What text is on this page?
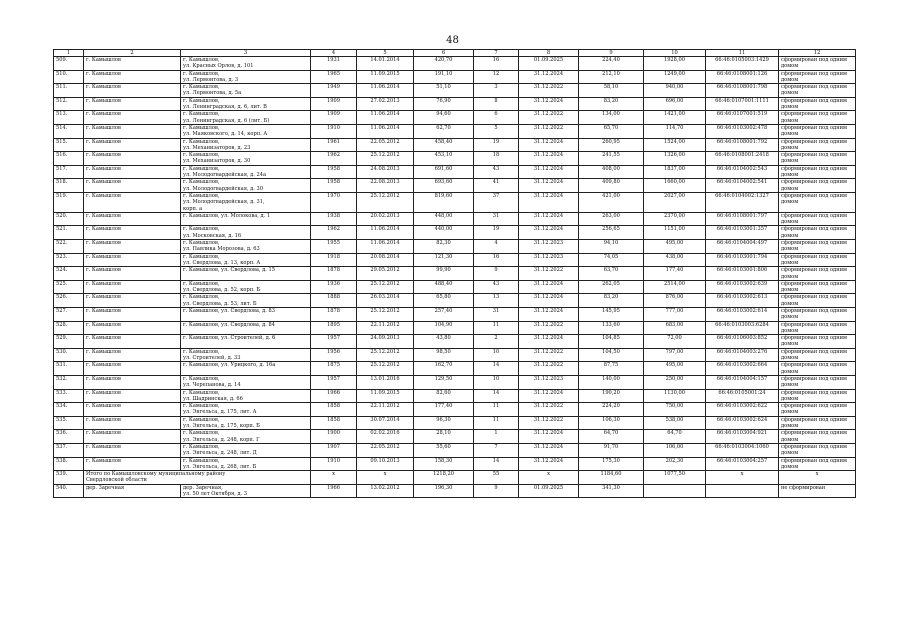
48
1	2	3	4	5	6	7	8	9	10	11	12
509.	г. Камышлов	г. Камышлов,
ул. Красных Орлов, д. 101	1931	14.01.2014	420,70	16	01.09.2025	224,40	1928,00	66:46:0105003:1429	сформирован под одним домом
510.	г. Камышлов	г. Камышлов,
ул. Лермонтова, д. 3	1965	11.09.2015	191,10	12	31.12.2024	212,10	1249,00	66:46:0108001:126	сформирован под одним домом
511.	г. Камышлов	г. Камышлов,
ул. Лермонтова, д. 5а	1949	11.06.2014	51,10	3	31.12.2022	58,10	940,00	66:46:0108001:798	сформирован под одним домом
512.	г. Камышлов	г. Камышлов,
ул. Ленинградская, д. 6, лит. В	1909	27.02.2013	76,90	8	31.12.2024	83,20	696,00	66:46:0107001:1111	сформирован под одним домом
513.	г. Камышлов	г. Камышлов,
ул. Ленинградская, д. 6 (лит. Б)	1909	11.06.2014	94,60	6	31.12.2022	134,00	1421,00	66:46:0107001:519	сформирован под одним домом
514.	г. Камышлов	г. Камышлов,
ул. Маяковского, д. 14, корп. А	1910	11.06.2014	62,70	5	31.12.2022	65,70	114,70	66:46:0103002:478	сформирован под одним домом
515.	г. Камышлов	г. Камышлов,
ул. Механизаторов, д. 23	1961	22.05.2012	458,40	19	31.12.2024	260,95	1524,00	66:46:0108001:792	сформирован под одним домом
516.	г. Камышлов	г. Камышлов,
ул. Механизаторов, д. 30	1962	25.12.2012	453,10	18	31.12.2024	241,55	1326,00	66:46:0108001:2418	сформирован под одним домом
517.	г. Камышлов	г. Камышлов,
ул. Молодогвардейская, д. 24а	1958	24.08.2013	691,60	43	31.12.2024	408,00	1837,00	66:46:0104002:543	сформирован под одним домом
518.	г. Камышлов	г. Камышлов,
ул. Молодогвардейская, д. 30	1958	22.08.2013	693,60	41	31.12.2024	409,80	1660,00	66:46:0104002:541	сформирован под одним домом
519.	г. Камышлов	г. Камышлов,
ул. Молодогвардейская, д. 31,
корп. а	1970	25.12.2012	819,60	37	31.12.2024	421,00	2027,00	66:46:0104002:1327	сформирован под одним домом
520.	г. Камышлов	г. Камышлов, ул. Молокова, д. 1	1938	20.02.2013	448,00	31	31.12.2024	263,00	2370,00	66:46:0108001:797	сформирован под одним домом
521.	г. Камышлов	г. Камышлов,
ул. Московская, д. 16	1962	11.06.2014	440,00	19	31.12.2024	256,65	1151,00	66:46:0103001:357	сформирован под одним домом
522.	г. Камышлов	г. Камышлов,
ул. Павлика Морозова, д. 63	1955	11.06.2014	82,30	4	31.12.2023	94,10	495,00	66:46:0104004:497	сформирован под одним домом
523.	г. Камышлов	г. Камышлов,
ул. Свердлова, д. 13, корп. А	1918	20.08.2014	121,30	16	31.12.2023	74,05	438,00	66:46:0103001:794	сформирован под одним домом
524.	г. Камышлов	г. Камышлов, ул. Свердлова, д. 15	1878	29.05.2012	99,90	9	31.12.2022	63,70	177,40	66:46:0103001:806	сформирован под одним домом
525.	г. Камышлов	г. Камышлов,
ул. Свердлова, д. 52, корп. Б	1936	25.12.2012	488,40	43	31.12.2024	262,05	2514,00	66:46:0103002:639	сформирован под одним домом
526.	г. Камышлов	г. Камышлов,
ул. Свердлова, д. 53, лит. Б	1888	26.03.2014	65,80	13	31.12.2024	83,20	876,00	66:46:0103002:613	сформирован под одним домом
527.	г. Камышлов	г. Камышлов, ул. Свердлова, д. 83	1878	25.12.2012	257,40	31	31.12.2024	145,95	777,00	66:46:0103002:614	сформирован под одним домом
528.	г. Камышлов	г. Камышлов, ул. Свердлова, д. 84	1895	22.11.2012	104,90	11	31.12.2022	133,60	683,00	66:46:0103003:6284	сформирован под одним домом
529.	г. Камышлов	г. Камышлов, ул. Строителей, д. 6	1957	24.09.2013	43,80	2	31.12.2024	104,85	72,00	66:46:0106003:852	сформирован под одним домом
530.	г. Камышлов	г. Камышлов,
ул. Строителей, д. 33	1956	25.12.2012	98,50	10	31.12.2022	104,50	797,00	66:46:0104003:276	сформирован под одним домом
531.	г. Камышлов	г. Камышлов, ул. Урицкого, д. 16а	1875	25.12.2012	162,70	14	31.12.2022	87,75	495,00	66:46:0103002:664	сформирован под одним домом
532.	г. Камышлов	г. Камышлов,
ул. Черепанова, д. 14	1957	13.01.2016	129,50	10	31.12.2023	140,00	250,00	66:46:0104004:157	сформирован под одним домом
533.	г. Камышлов	г. Камышлов,
ул. Шадринская, д. 66	1966	11.09.2015	82,60	14	31.12.2024	190,20	1130,00	66:46:0105001:24	сформирован под одним домом
534.	г. Камышлов	г. Камышлов,
ул. Энгельса, д. 175, лит. А	1858	22.11.2012	177,40	11	31.12.2022	224,20	750,00	66:46:0103002:622	сформирован под одним домом
535.	г. Камышлов	г. Камышлов,
ул. Энгельса, д. 175, корп. Б	1858	30.07.2014	96,30	11	31.12.2022	106,30	538,00	66:46:0103002:624	сформирован под одним домом
536.	г. Камышлов	г. Камышлов,
ул. Энгельса, д. 248, корп. Г	1900	02.02.2016	28,10	1	31.12.2024	64,70	64,70	66:46:0103004:921	сформирован под одним домом
537.	г. Камышлов	г. Камышлов,
ул. Энгельса, д. 248, лит. Д	1907	22.05.2012	55,60	7	31.12.2024	91,70	106,00	66:46:0103004:1060	сформирован под одним домом
538.	г. Камышлов	г. Камышлов,
ул. Энгельса, д. 268, лит. Б	1910	09.10.2013	158,30	14	31.12.2024	175,30	202,30	66:46:0103004:257	сформирован под одним домом
539.	Итого по Камышловскому муниципальному району
Свердловской области		x	x	1218,20	55	x	1184,60	1077,50	x	x
540.	дер. Заречная	дер. Заречная,
ул. 50 лет Октября, д. 3	1966	13.02.2012	196,30	9	01.09.2025	341,30			не сформирован
